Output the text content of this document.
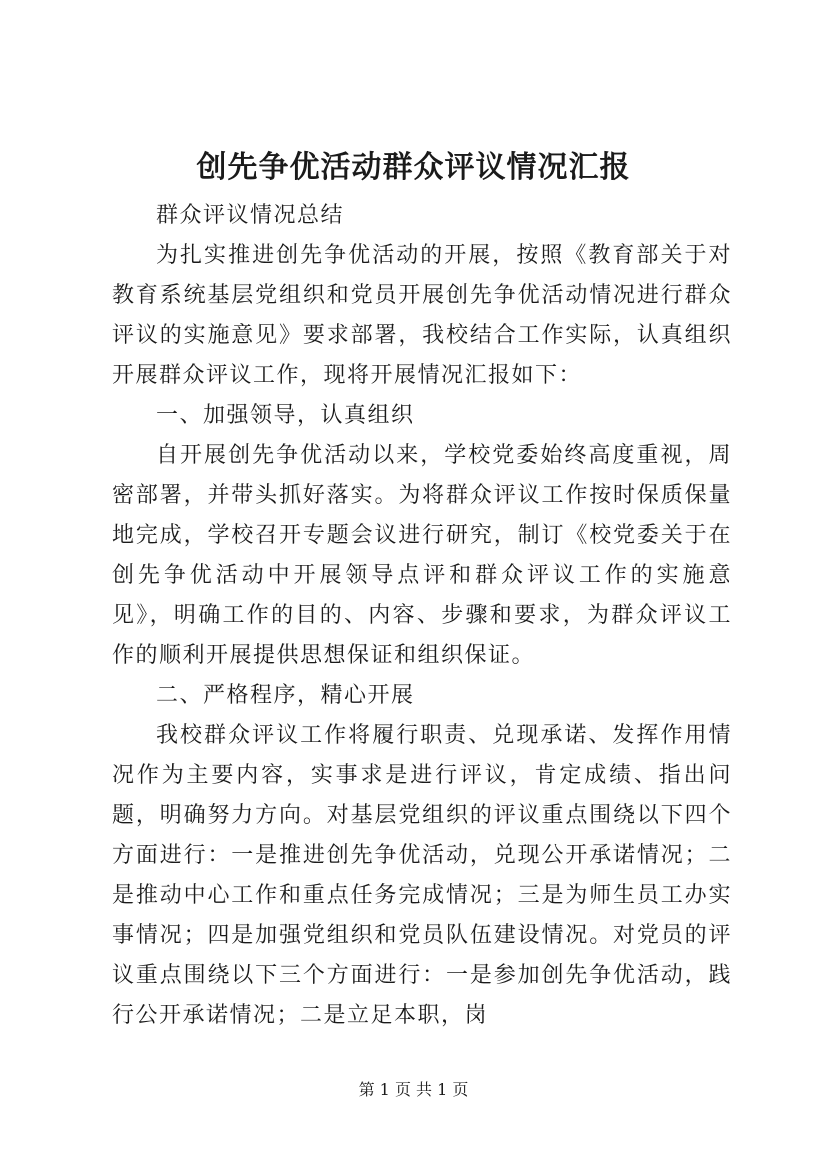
创先争优活动群众评议情况汇报

群众评议情况总结

为扎实推进创先争优活动的开展，按照《教育部关于对教育系统基层党组织和党员开展创先争优活动情况进行群众评议的实施意见》要求部署，我校结合工作实际，认真组织开展群众评议工作，现将开展情况汇报如下：

一、加强领导，认真组织

自开展创先争优活动以来，学校党委始终高度重视，周密部署，并带头抓好落实。为将群众评议工作按时保质保量地完成，学校召开专题会议进行研究，制订《校党委关于在创先争优活动中开展领导点评和群众评议工作的实施意见》，明确工作的目的、内容、步骤和要求，为群众评议工作的顺利开展提供思想保证和组织保证。

二、严格程序，精心开展

我校群众评议工作将履行职责、兑现承诺、发挥作用情况作为主要内容，实事求是进行评议，肯定成绩、指出问题，明确努力方向。对基层党组织的评议重点围绕以下四个方面进行：一是推进创先争优活动，兑现公开承诺情况；二是推动中心工作和重点任务完成情况；三是为师生员工办实事情况；四是加强党组织和党员队伍建设情况。对党员的评议重点围绕以下三个方面进行：一是参加创先争优活动，践行公开承诺情况；二是立足本职，岗

第 1 页 共 1 页
